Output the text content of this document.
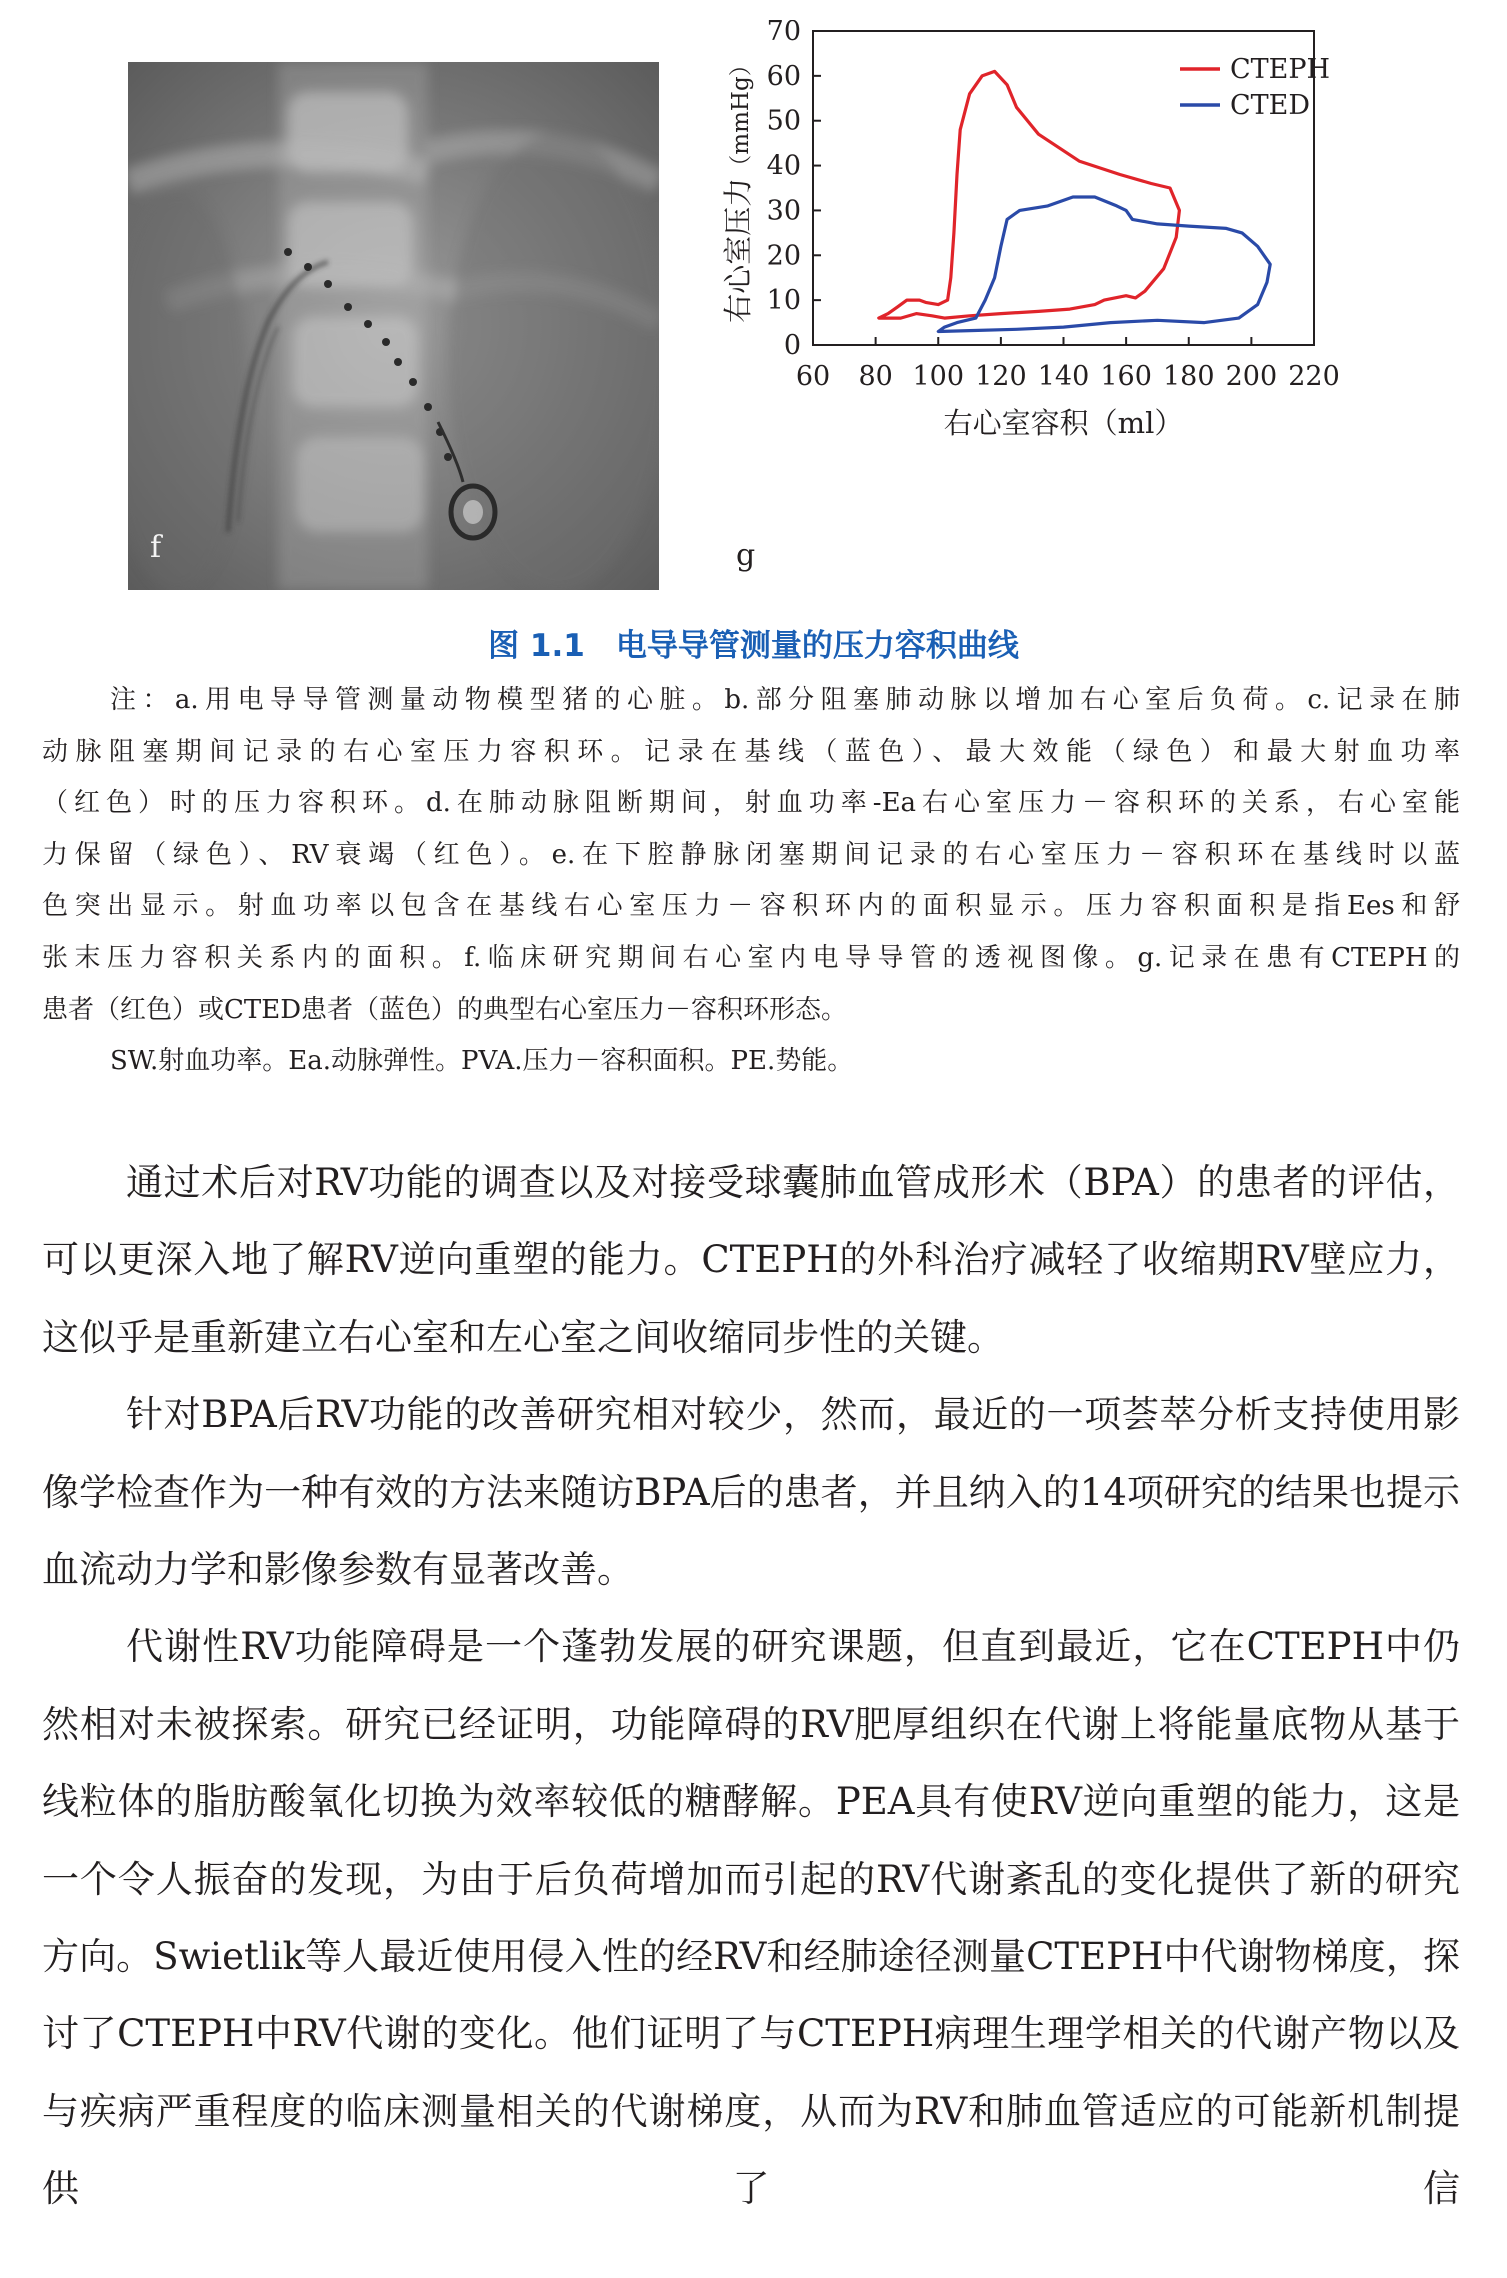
f
60 80 100 120 140 160 180 200 220
0
10
20
30
40
50
60
70
右心室容积（ml）
右心室压力（mmHg）	CTEPH
CTED
g
图 1.1　电导导管测量的压力容积曲线

注：a.用电导导管测量动物模型猪的心脏。b.部分阻塞肺动脉以增加右心室后负荷。c.记录在肺

动脉阻塞期间记录的右心室压力容积环。记录在基线（蓝色）、最大效能（绿色）和最大射血功率

（红色）时的压力容积环。d.在肺动脉阻断期间，射血功率-Ea右心室压力－容积环的关系，右心室能

力保留（绿色）、RV衰竭（红色）。e.在下腔静脉闭塞期间记录的右心室压力－容积环在基线时以蓝

色突出显示。射血功率以包含在基线右心室压力－容积环内的面积显示。压力容积面积是指Ees和舒

张末压力容积关系内的面积。f.临床研究期间右心室内电导导管的透视图像。g.记录在患有CTEPH的

患者（红色）或CTED患者（蓝色）的典型右心室压力－容积环形态。

SW.射血功率。Ea.动脉弹性。PVA.压力－容积面积。PE.势能。

通过术后对RV功能的调查以及对接受球囊肺血管成形术（BPA）的患者的评估，可以更深入地了解RV逆向重塑的能力。CTEPH的外科治疗减轻了收缩期RV壁应力，这似乎是重新建立右心室和左心室之间收缩同步性的关键。

针对BPA后RV功能的改善研究相对较少，然而，最近的一项荟萃分析支持使用影像学检查作为一种有效的方法来随访BPA后的患者，并且纳入的14项研究的结果也提示血流动力学和影像参数有显著改善。

代谢性RV功能障碍是一个蓬勃发展的研究课题，但直到最近，它在CTEPH中仍然相对未被探索。研究已经证明，功能障碍的RV肥厚组织在代谢上将能量底物从基于线粒体的脂肪酸氧化切换为效率较低的糖酵解。PEA具有使RV逆向重塑的能力，这是一个令人振奋的发现，为由于后负荷增加而引起的RV代谢紊乱的变化提供了新的研究方向。Swietlik等人最近使用侵入性的经RV和经肺途径测量CTEPH中代谢物梯度，探讨了CTEPH中RV代谢的变化。他们证明了与CTEPH病理生理学相关的代谢产物以及与疾病严重程度的临床测量相关的代谢梯度，从而为RV和肺血管适应的可能新机制提供了信
